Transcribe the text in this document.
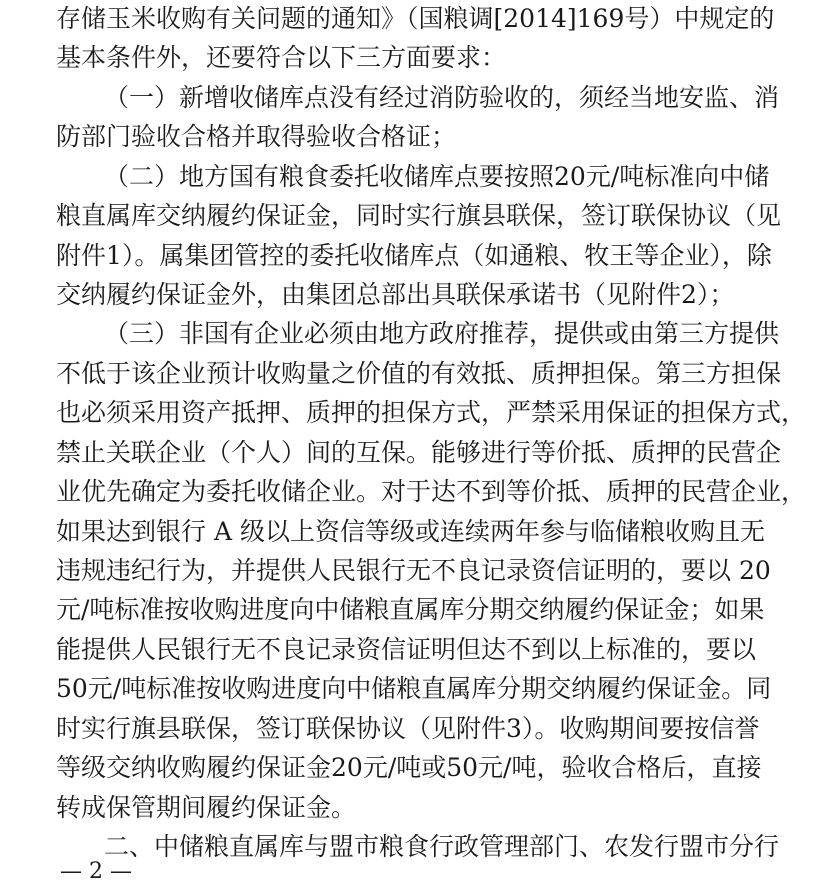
存储玉米收购有关问题的通知》（国粮调[2014]169号）中规定的
基本条件外，还要符合以下三方面要求：
（一）新增收储库点没有经过消防验收的，须经当地安监、消
防部门验收合格并取得验收合格证；
（二）地方国有粮食委托收储库点要按照20元/吨标准向中储
粮直属库交纳履约保证金，同时实行旗县联保，签订联保协议（见
附件1）。属集团管控的委托收储库点（如通粮、牧王等企业），除
交纳履约保证金外，由集团总部出具联保承诺书（见附件2）；
（三）非国有企业必须由地方政府推荐，提供或由第三方提供
不低于该企业预计收购量之价值的有效抵、质押担保。第三方担保
也必须采用资产抵押、质押的担保方式，严禁采用保证的担保方式，
禁止关联企业（个人）间的互保。能够进行等价抵、质押的民营企
业优先确定为委托收储企业。对于达不到等价抵、质押的民营企业，
如果达到银行 A 级以上资信等级或连续两年参与临储粮收购且无
违规违纪行为，并提供人民银行无不良记录资信证明的，要以 20
元/吨标准按收购进度向中储粮直属库分期交纳履约保证金；如果
能提供人民银行无不良记录资信证明但达不到以上标准的，要以
50元/吨标准按收购进度向中储粮直属库分期交纳履约保证金。同
时实行旗县联保，签订联保协议（见附件3）。收购期间要按信誉
等级交纳收购履约保证金20元/吨或50元/吨，验收合格后，直接
转成保管期间履约保证金。
二、中储粮直属库与盟市粮食行政管理部门、农发行盟市分行
— 2 —
